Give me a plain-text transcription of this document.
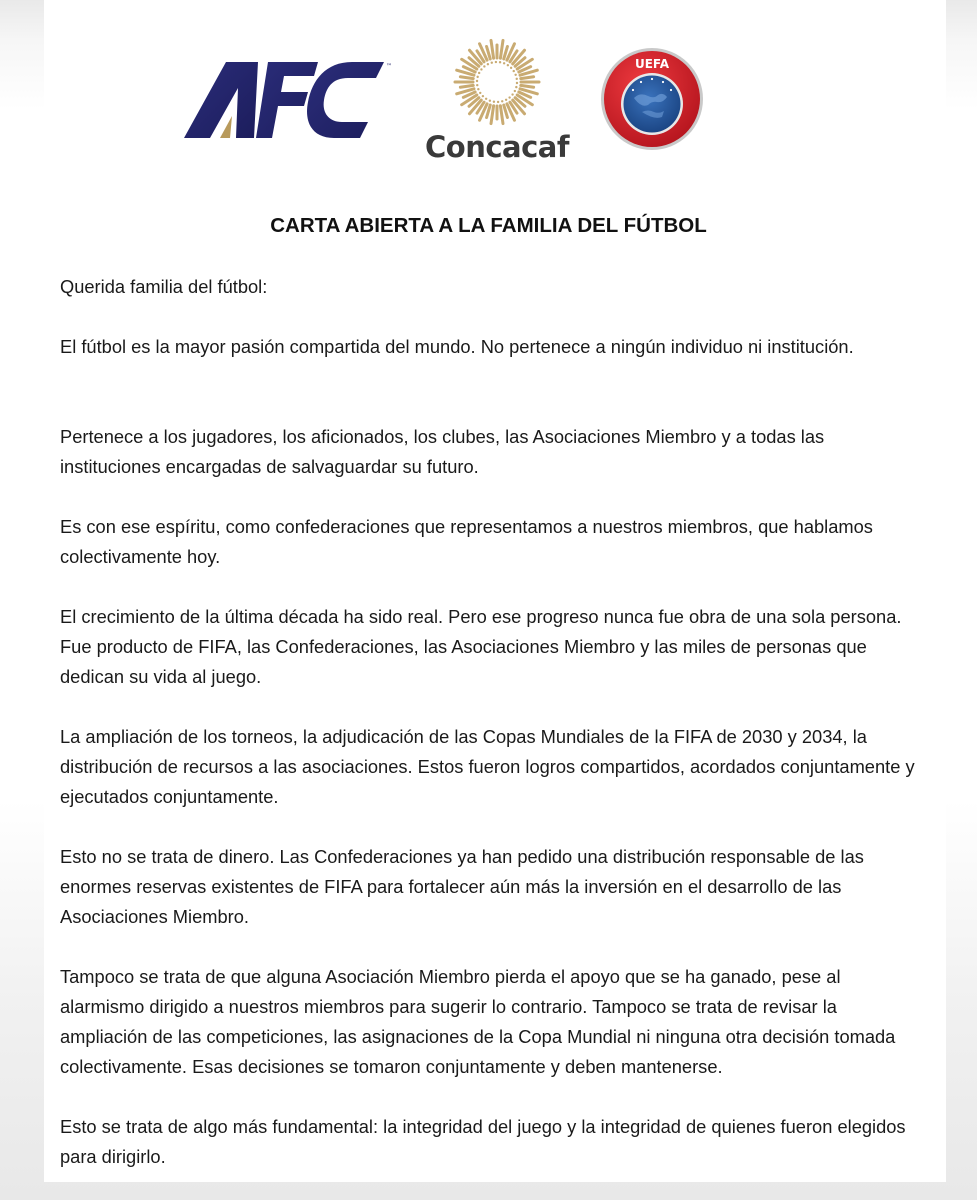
™
Concacaf
UEFA
CARTA ABIERTA A LA FAMILIA DEL FÚTBOL

Querida familia del fútbol:

El fútbol es la mayor pasión compartida del mundo. No pertenece a ningún individuo ni institución.

Pertenece a los jugadores, los aficionados, los clubes, las Asociaciones Miembro y a todas las instituciones encargadas de salvaguardar su futuro.

Es con ese espíritu, como confederaciones que representamos a nuestros miembros, que hablamos colectivamente hoy.

El crecimiento de la última década ha sido real. Pero ese progreso nunca fue obra de una sola persona. Fue producto de FIFA, las Confederaciones, las Asociaciones Miembro y las miles de personas que dedican su vida al juego.

La ampliación de los torneos, la adjudicación de las Copas Mundiales de la FIFA de 2030 y 2034, la distribución de recursos a las asociaciones. Estos fueron logros compartidos, acordados conjuntamente y ejecutados conjuntamente.

Esto no se trata de dinero. Las Confederaciones ya han pedido una distribución responsable de las enormes reservas existentes de FIFA para fortalecer aún más la inversión en el desarrollo de las Asociaciones Miembro.

Tampoco se trata de que alguna Asociación Miembro pierda el apoyo que se ha ganado, pese al alarmismo dirigido a nuestros miembros para sugerir lo contrario. Tampoco se trata de revisar la ampliación de las competiciones, las asignaciones de la Copa Mundial ni ninguna otra decisión tomada colectivamente. Esas decisiones se tomaron conjuntamente y deben mantenerse.

Esto se trata de algo más fundamental: la integridad del juego y la integridad de quienes fueron elegidos para dirigirlo.
